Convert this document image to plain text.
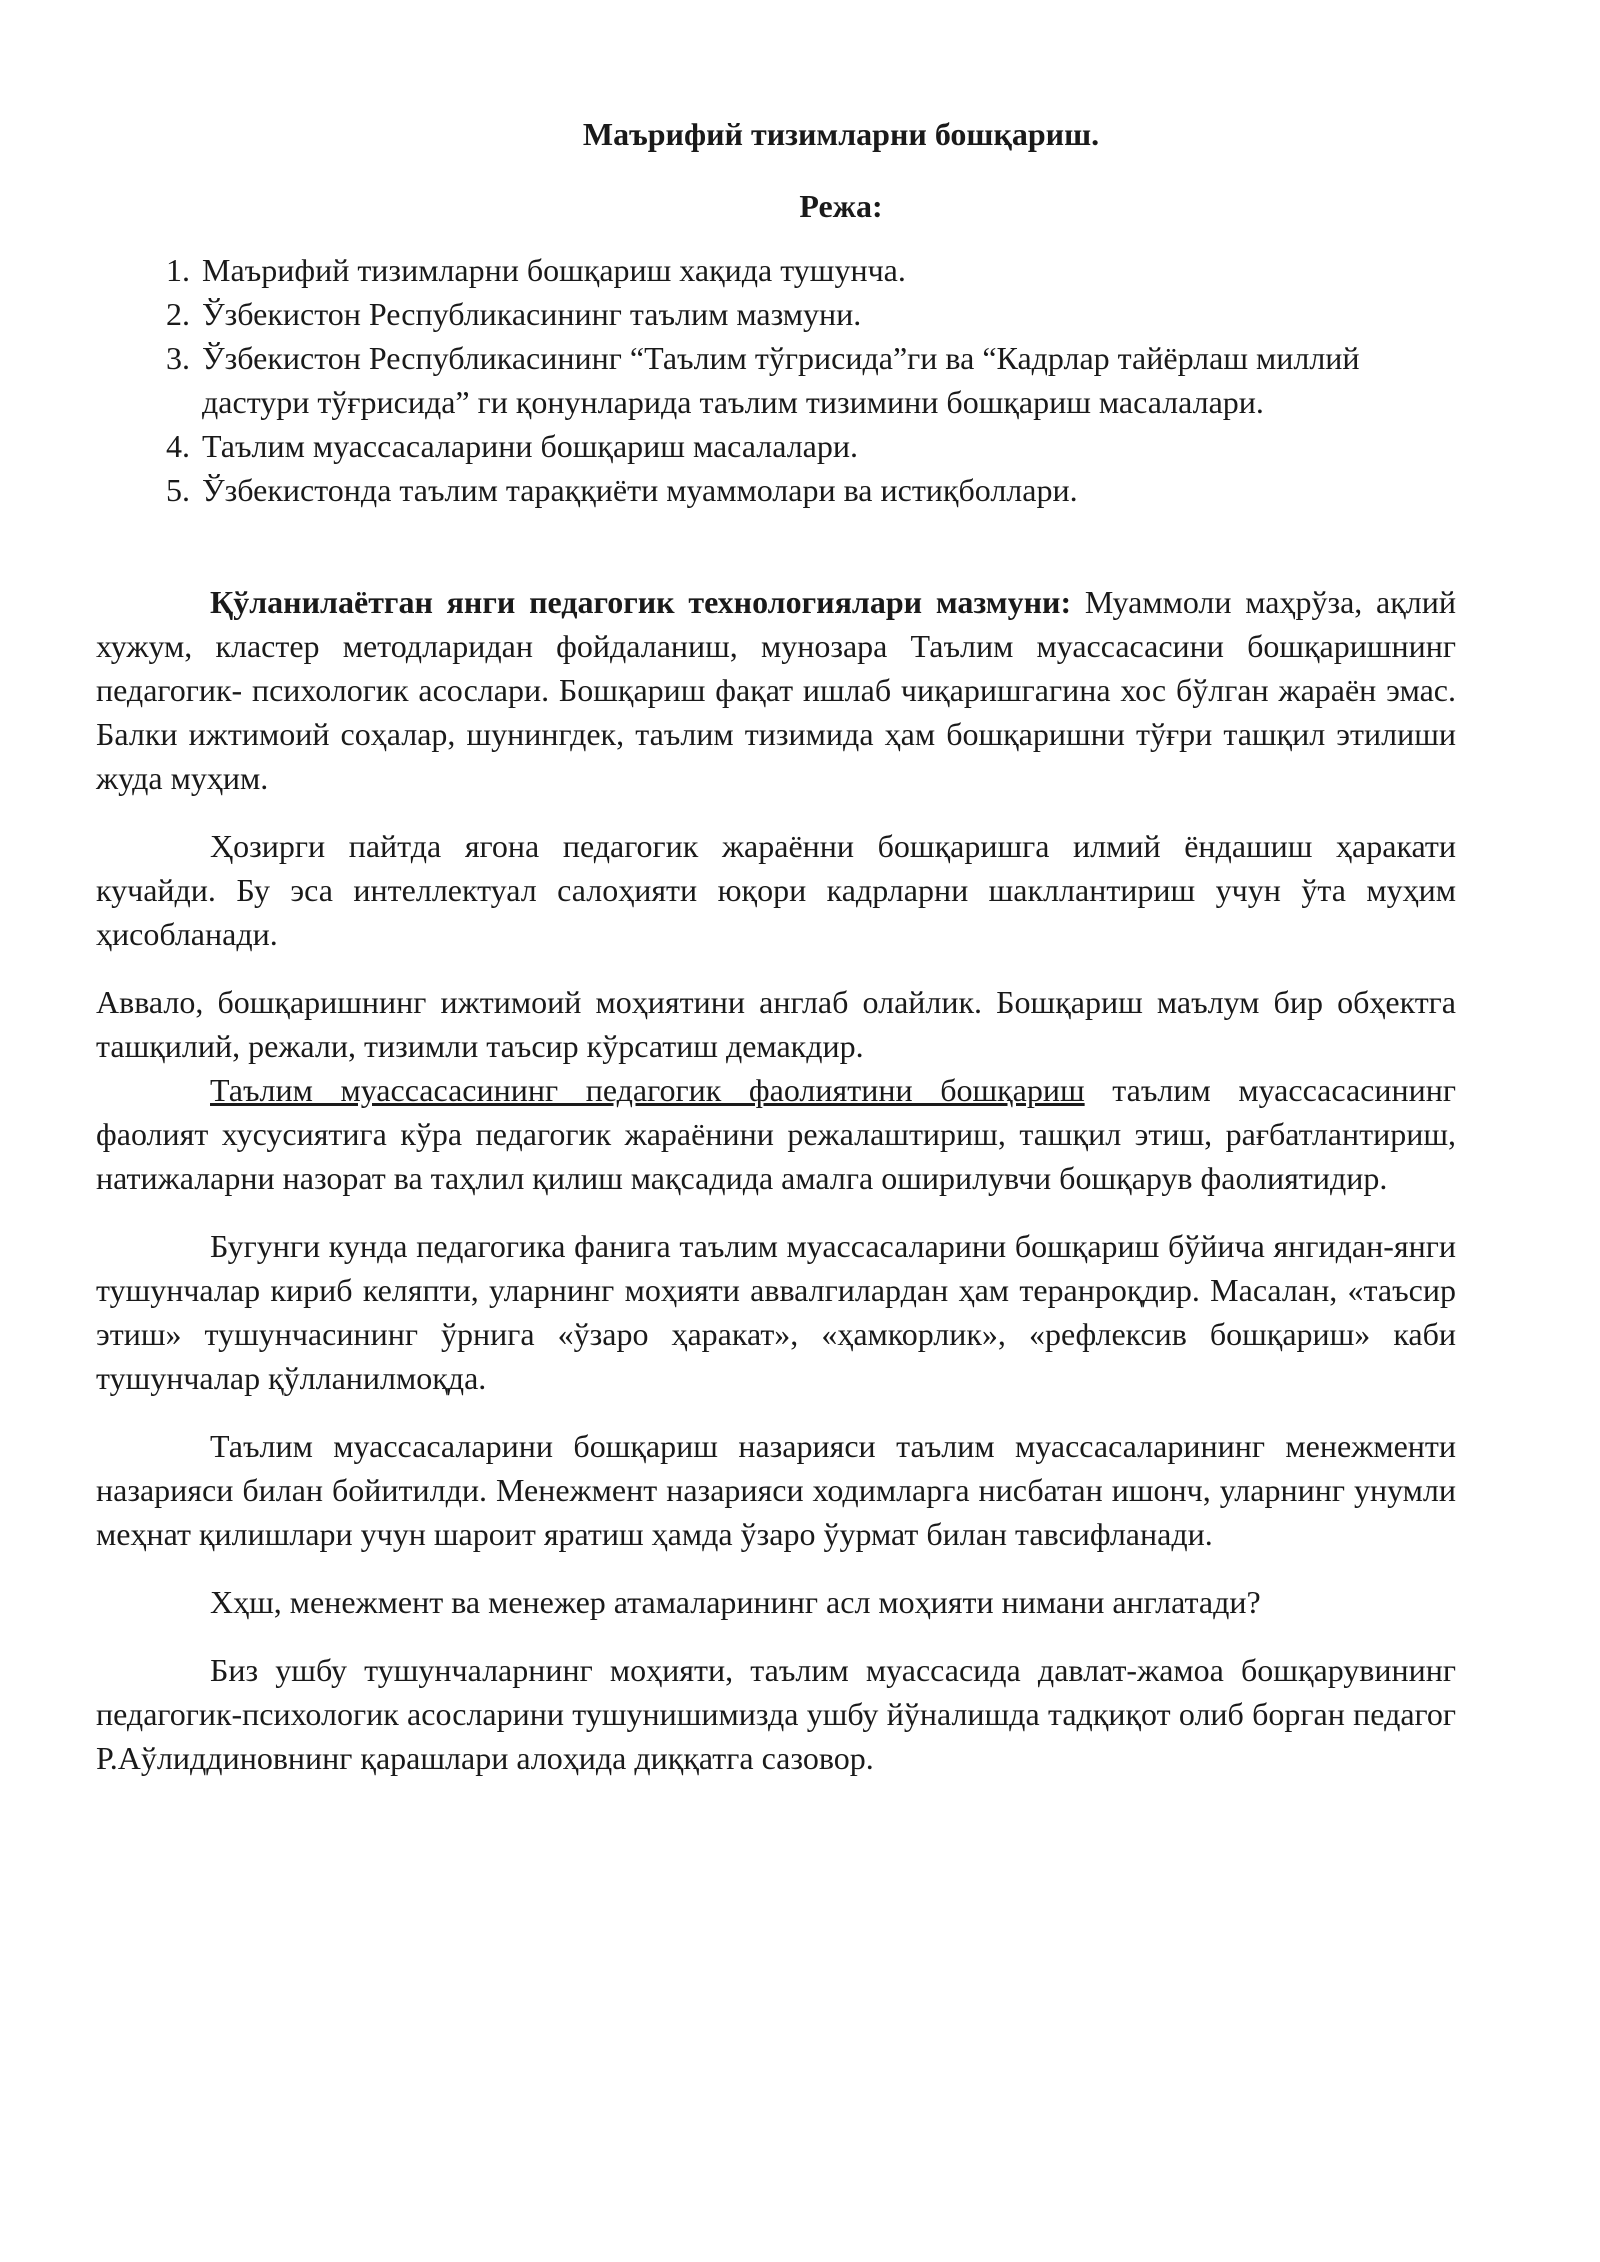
Маърифий тизимларни бошқариш.

Режа:

1. Маърифий тизимларни бошқариш хақида тушунча.
2. Ўзбекистон Республикасининг таълим мазмуни.
3. Ўзбекистон Республикасининг “Таълим тўгрисида”ги ва “Кадрлар тайёрлаш миллий дастури тўғрисида” ги қонунларида таълим тизимини бошқариш масалалари.
4. Таълим муассасаларини бошқариш масалалари.
5. Ўзбекистонда таълим тараққиёти муаммолари ва истиқболлари.

Қўланилаётган янги педагогик технологиялари мазмуни: Муаммоли маҳрўза, ақлий хужум, кластер методларидан фойдаланиш, мунозара Таълим муассасасини бошқаришнинг педагогик- психологик асослари. Бошқариш фақат ишлаб чиқаришгагина хос бўлган жараён эмас. Балки ижтимоий соҳалар, шунингдек, таълим тизимида ҳам бошқаришни тўғри ташқил этилиши жуда муҳим.

Ҳозирги пайтда ягона педагогик жараённи бошқаришга илмий ёндашиш ҳаракати кучайди. Бу эса интеллектуал салоҳияти юқори кадрларни шакллантириш учун ўта муҳим ҳисобланади.

Аввало, бошқаришнинг ижтимоий моҳиятини англаб олайлик. Бошқариш маълум бир обҳектга ташқилий, режали, тизимли таъсир кўрсатиш демакдир.

Таълим муассасасининг педагогик фаолиятини бошқариш таълим муассасасининг фаолият хусусиятига кўра педагогик жараёнини режалаштириш, ташқил этиш, рағбатлантириш, натижаларни назорат ва таҳлил қилиш мақсадида амалга оширилувчи бошқарув фаолиятидир.

Бугунги кунда педагогика фанига таълим муассасаларини бошқариш бўйича янгидан-янги тушунчалар кириб келяпти, уларнинг моҳияти аввалгилардан ҳам теранроқдир. Масалан, «таъсир этиш» тушунчасининг ўрнига «ўзаро ҳаракат», «ҳамкорлик», «рефлексив бошқариш» каби тушунчалар қўлланилмоқда.

Таълим муассасаларини бошқариш назарияси таълим муассасаларининг менежменти назарияси билан бойитилди. Менежмент назарияси ходимларга нисбатан ишонч, уларнинг унумли меҳнат қилишлари учун шароит яратиш ҳамда ўзаро ўурмат билан тавсифланади.

Хҳш, менежмент ва менежер атамаларининг асл моҳияти нимани англатади?

Биз ушбу тушунчаларнинг моҳияти, таълим муассасида давлат-жамоа бошқарувининг педагогик-психологик асосларини тушунишимизда ушбу йўналишда тадқиқот олиб борган педагог Р.Аўлиддиновнинг қарашлари алоҳида диққатга сазовор.
